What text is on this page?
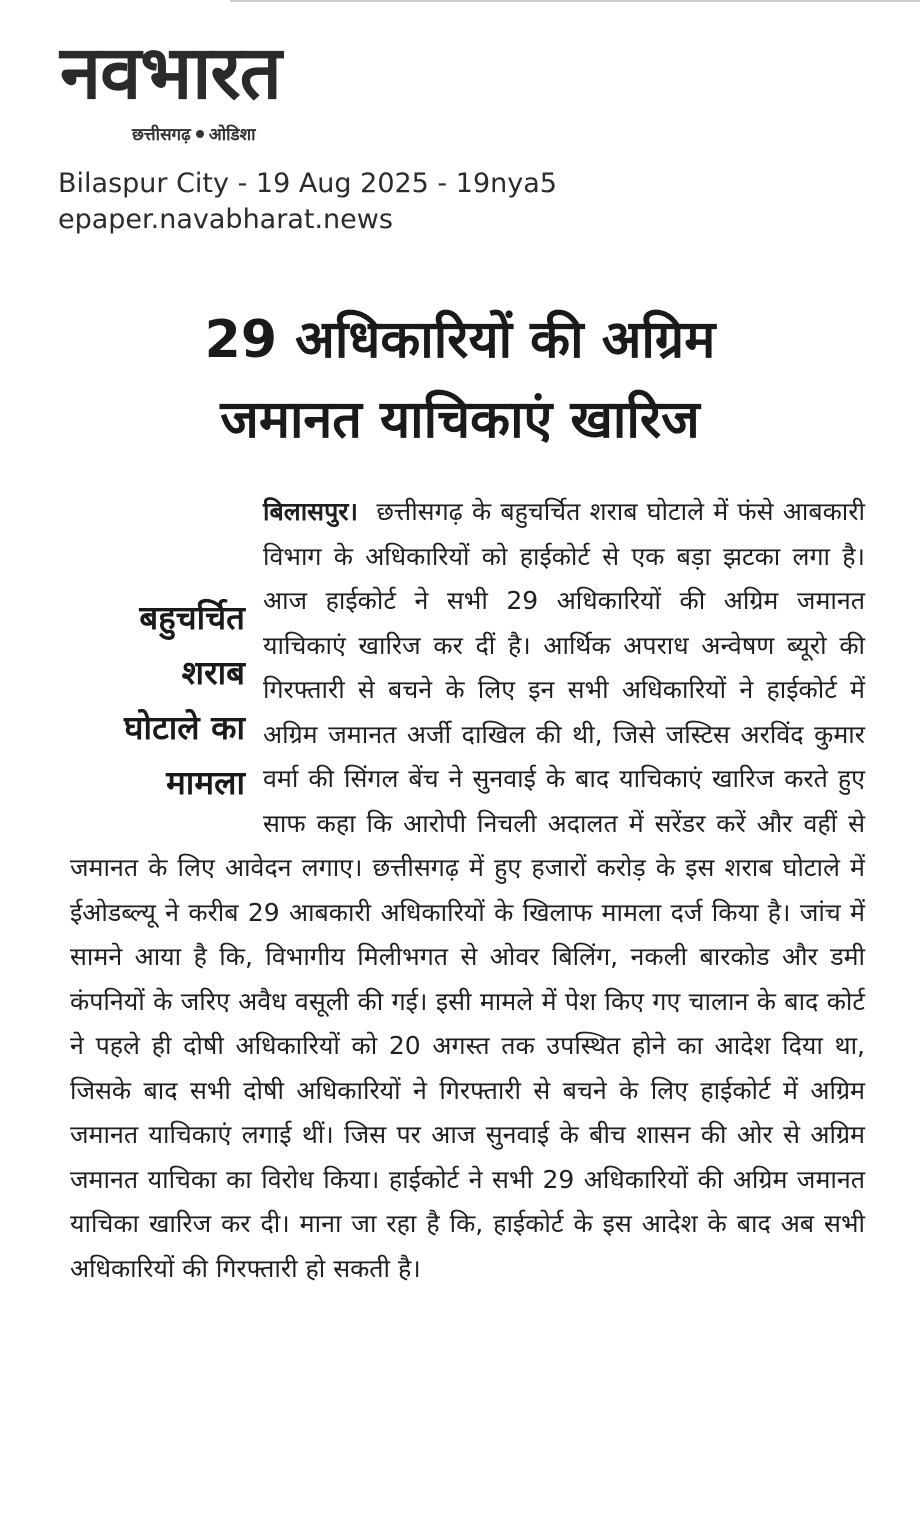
नवभारत
छत्तीसगढ़ ओडिशा
Bilaspur City - 19 Aug 2025 - 19nya5
epaper.navabharat.news
29 अधिकारियों की अग्रिम
जमानत याचिकाएं खारिज
बहुचर्चित
शराब
घोटाले का
मामला
बिलासपुर। छत्तीसगढ़ के बहुचर्चित शराब घोटाले में फंसे आबकारी विभाग के अधिकारियों को हाईकोर्ट से एक बड़ा झटका लगा है। आज हाईकोर्ट ने सभी 29 अधिकारियों की अग्रिम जमानत याचिकाएं खारिज कर दीं है। आर्थिक अपराध अन्वेषण ब्यूरो की गिरफ्तारी से बचने के लिए इन सभी अधिकारियों ने हाईकोर्ट में अग्रिम जमानत अर्जी दाखिल की थी, जिसे जस्टिस अरविंद कुमार वर्मा की सिंगल बेंच ने सुनवाई के बाद याचिकाएं खारिज करते हुए साफ कहा कि आरोपी निचली अदालत में सरेंडर करें और वहीं से जमानत के लिए आवेदन लगाए। छत्तीसगढ़ में हुए हजारों करोड़ के इस शराब घोटाले में ईओडब्ल्यू ने करीब 29 आबकारी अधिकारियों के खिलाफ मामला दर्ज किया है। जांच में सामने आया है कि, विभागीय मिलीभगत से ओवर बिलिंग, नकली बारकोड और डमी कंपनियों के जरिए अवैध वसूली की गई। इसी मामले में पेश किए गए चालान के बाद कोर्ट ने पहले ही दोषी अधिकारियों को 20 अगस्त तक उपस्थित होने का आदेश दिया था, जिसके बाद सभी दोषी अधिकारियों ने गिरफ्तारी से बचने के लिए हाईकोर्ट में अग्रिम जमानत याचिकाएं लगाई थीं। जिस पर आज सुनवाई के बीच शासन की ओर से अग्रिम जमानत याचिका का विरोध किया। हाईकोर्ट ने सभी 29 अधिकारियों की अग्रिम जमानत याचिका खारिज कर दी। माना जा रहा है कि, हाईकोर्ट के इस आदेश के बाद अब सभी अधिकारियों की गिरफ्तारी हो सकती है।
